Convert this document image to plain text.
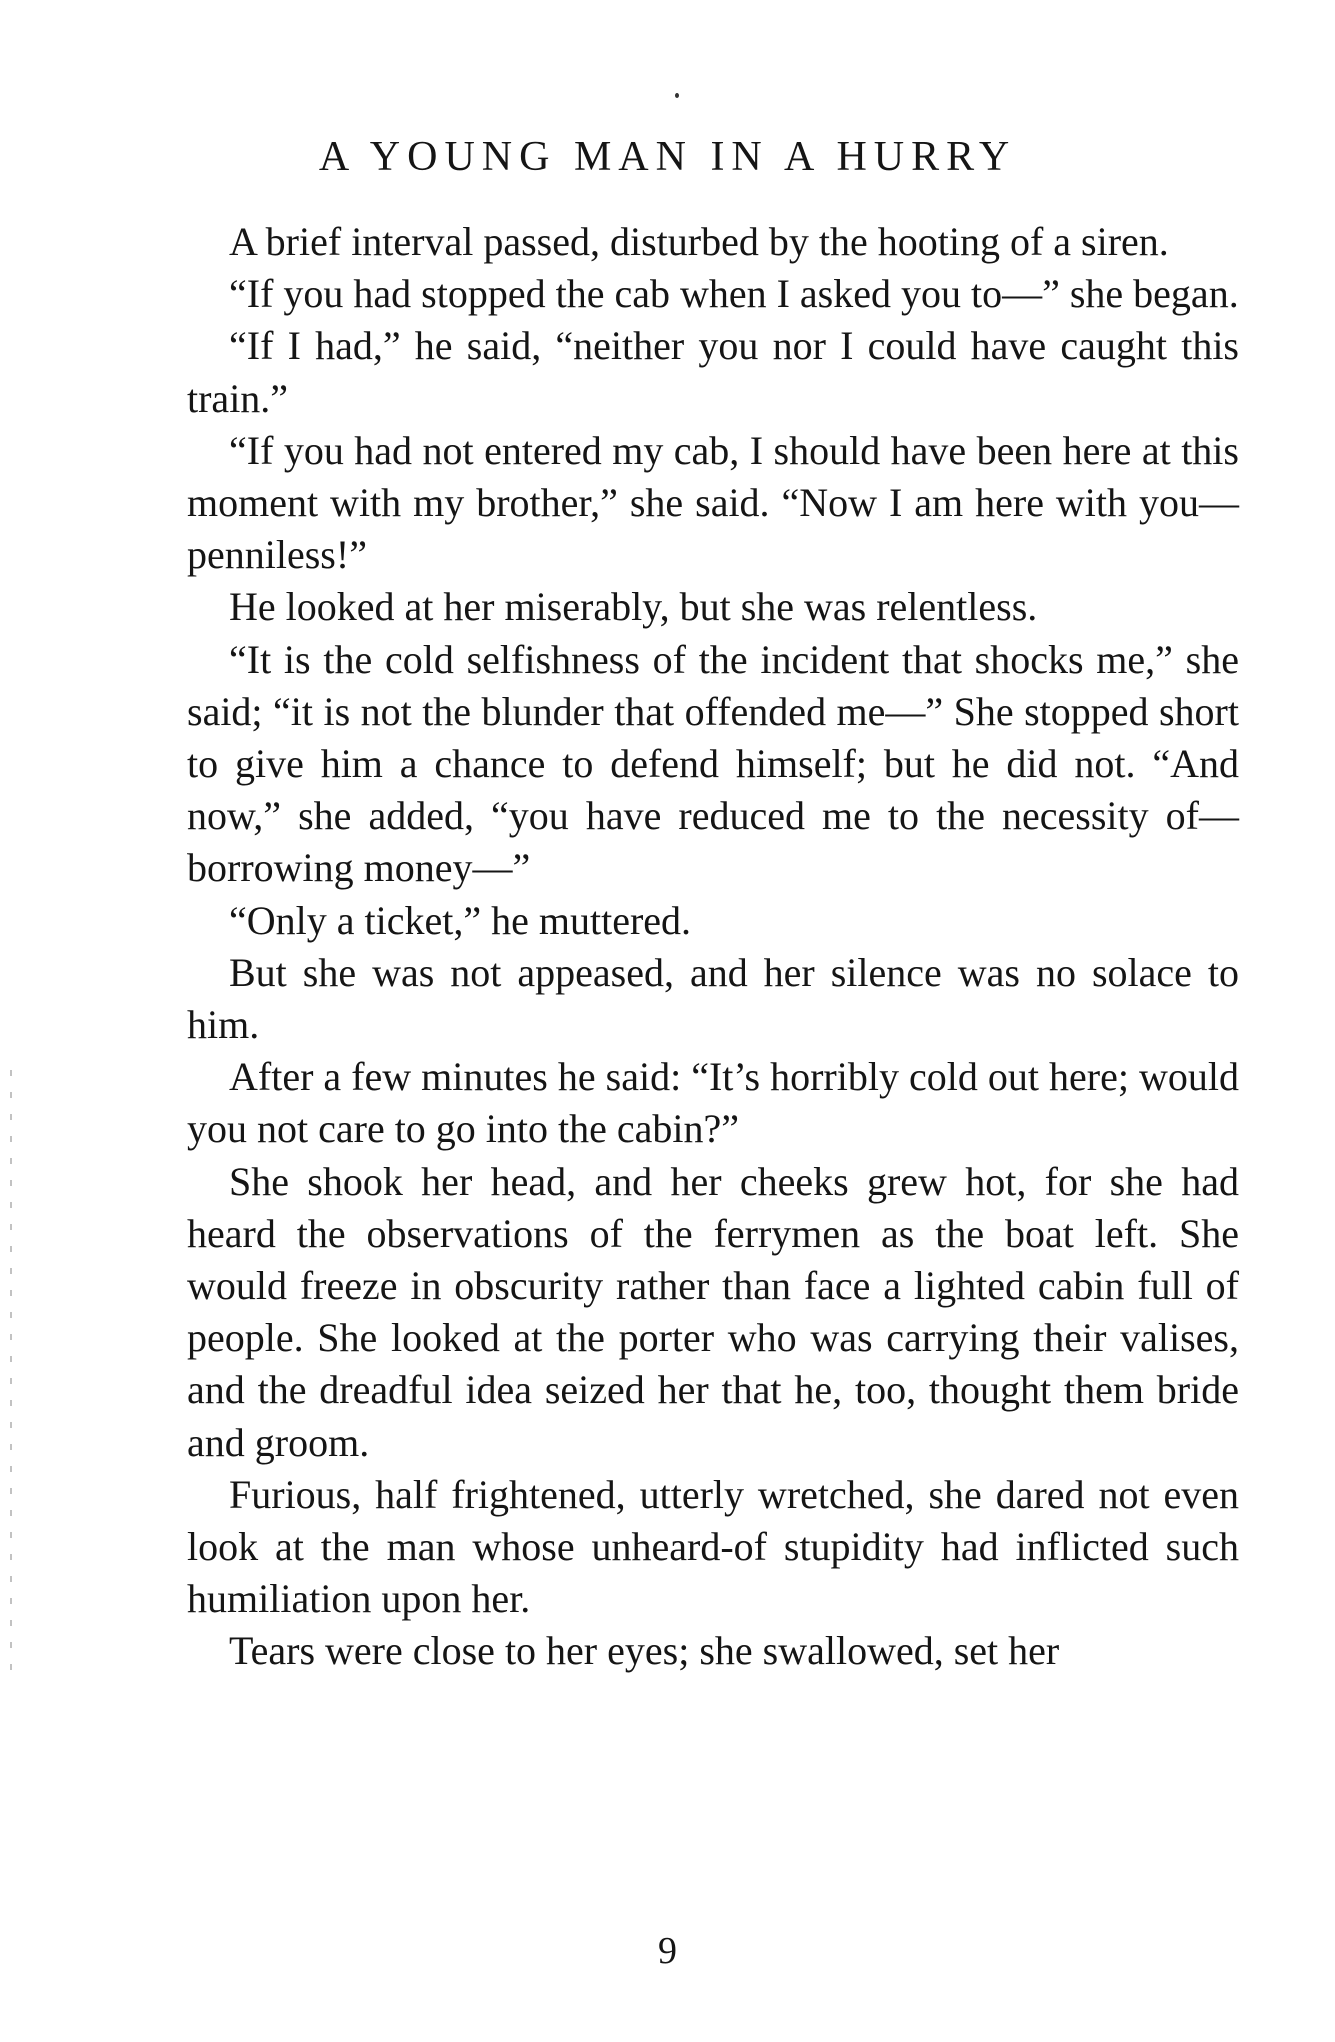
A YOUNG MAN IN A HURRY

A brief interval passed, disturbed by the hooting of a siren.

“If you had stopped the cab when I asked you to—” she began.

“If I had,” he said, “neither you nor I could have caught this train.”

“If you had not entered my cab, I should have been here at this moment with my brother,” she said. “Now I am here with you—penniless!”

He looked at her miserably, but she was relentless.

“It is the cold selfishness of the incident that shocks me,” she said; “it is not the blunder that offended me—” She stopped short to give him a chance to defend himself; but he did not. “And now,” she added, “you have reduced me to the necessity of—borrowing money—”

“Only a ticket,” he muttered.

But she was not appeased, and her silence was no solace to him.

After a few minutes he said: “It’s horribly cold out here; would you not care to go into the cabin?”

She shook her head, and her cheeks grew hot, for she had heard the observations of the ferrymen as the boat left. She would freeze in obscurity rather than face a lighted cabin full of people. She looked at the porter who was carrying their valises, and the dreadful idea seized her that he, too, thought them bride and groom.

Furious, half frightened, utterly wretched, she dared not even look at the man whose unheard-of stupidity had inflicted such humiliation upon her.

Tears were close to her eyes; she swallowed, set her

9
